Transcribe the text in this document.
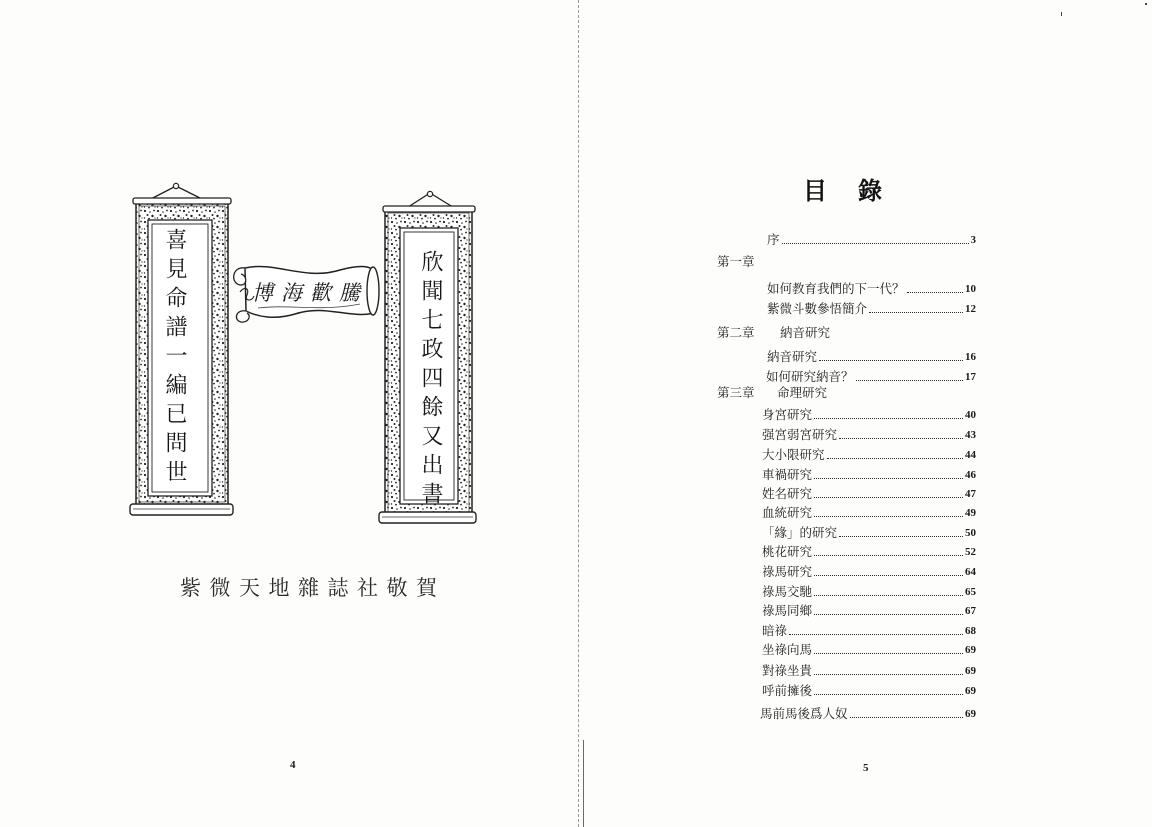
喜見命譜一編已問世	欣聞七政四餘又出書
博海歡騰
紫微天地雜誌社敬賀
4
目錄
序	3
第一章
如何教育我們的下一代？	10
紫微斗數參悟簡介	12
第二章 納音研究
納音研究	16
如何研究納音？	17
第三章 命理研究
身宮研究	40
强宮弱宮研究	43
大小限研究	44
車禍研究	46
姓名研究	47
血統研究	49
「緣」的研究	50
桃花研究	52
祿馬研究	64
祿馬交馳	65
祿馬同鄉	67
暗祿	68
坐祿向馬	69
對祿坐貴	69
呼前擁後	69
馬前馬後爲人奴	69
5
